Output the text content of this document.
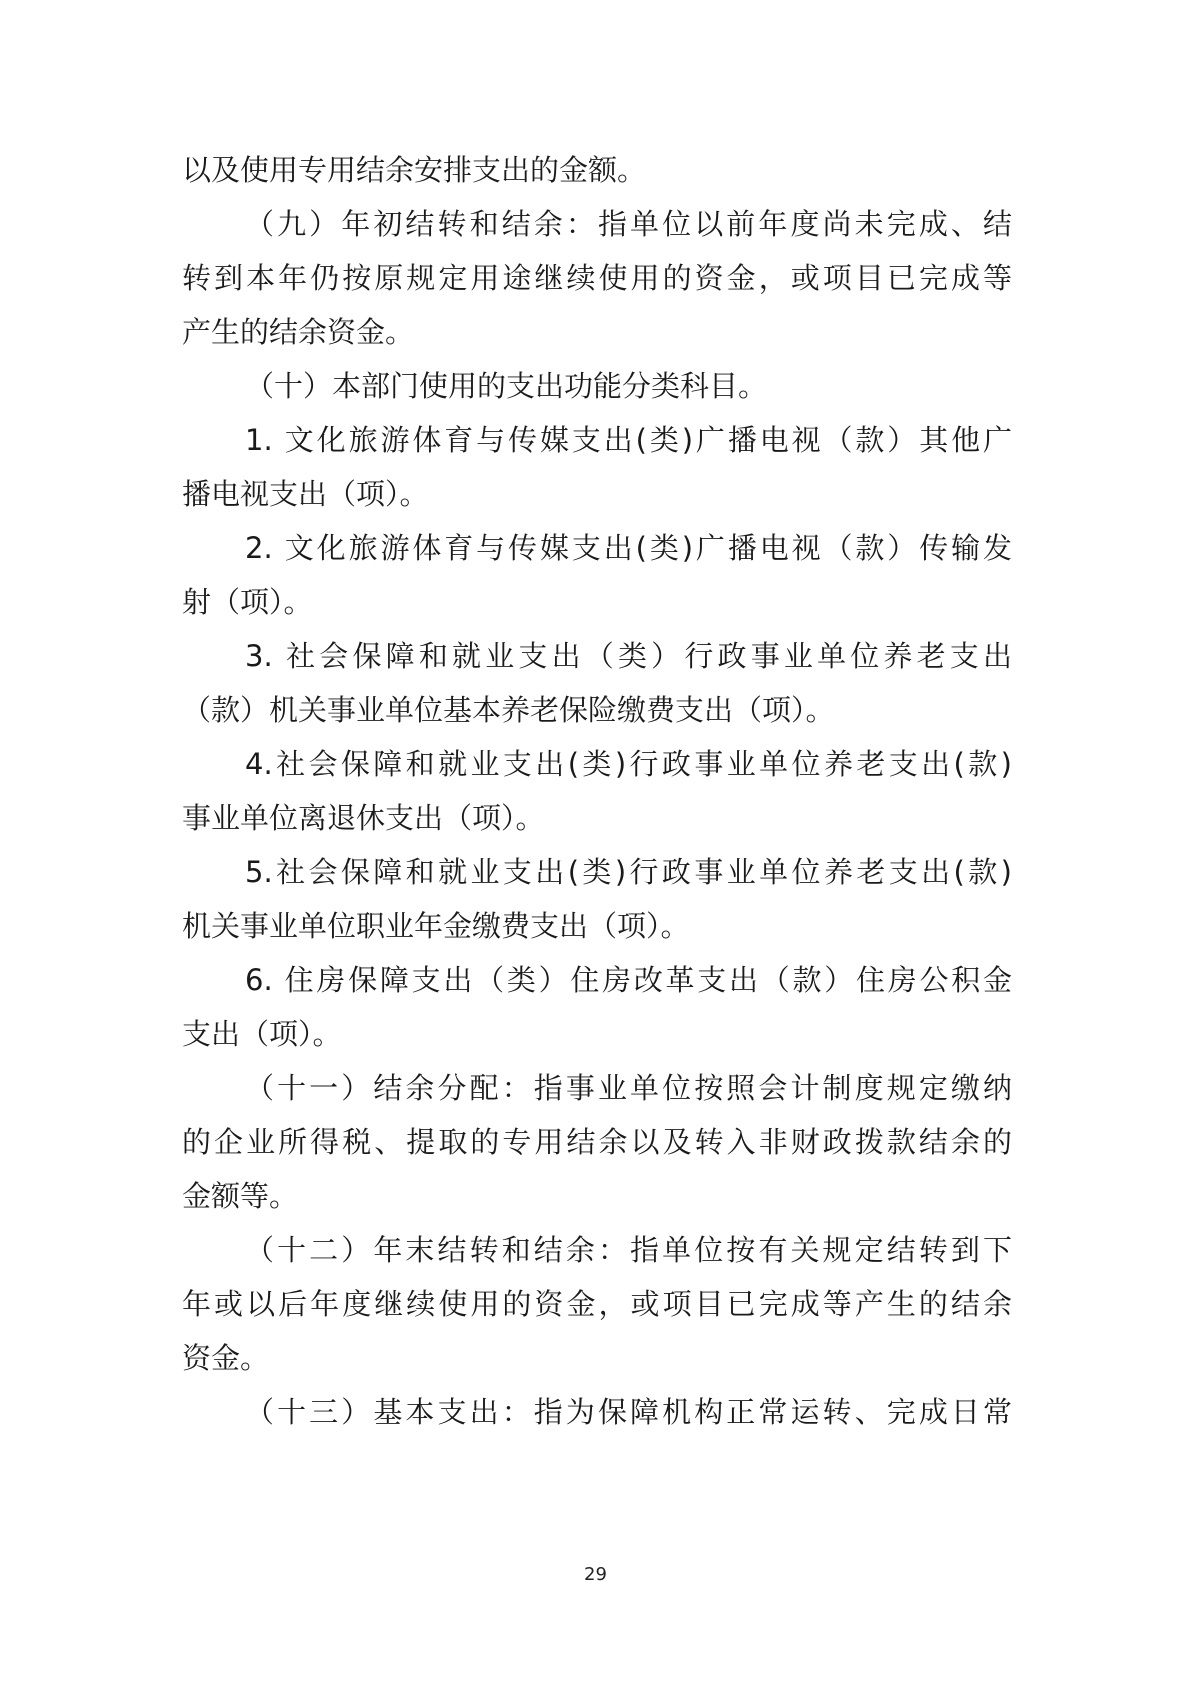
以及使用专用结余安排支出的金额。
（九）年初结转和结余：指单位以前年度尚未完成、结
转到本年仍按原规定用途继续使用的资金，或项目已完成等
产生的结余资金。
（十）本部门使用的支出功能分类科目。
1. 文化旅游体育与传媒支出(类)广播电视（款）其他广
播电视支出（项）。
2. 文化旅游体育与传媒支出(类)广播电视（款）传输发
射（项）。
3. 社会保障和就业支出（类）行政事业单位养老支出
（款）机关事业单位基本养老保险缴费支出（项）。
4.社会保障和就业支出(类)行政事业单位养老支出(款)
事业单位离退休支出（项）。
5.社会保障和就业支出(类)行政事业单位养老支出(款)
机关事业单位职业年金缴费支出（项）。
6. 住房保障支出（类）住房改革支出（款）住房公积金
支出（项）。
（十一）结余分配：指事业单位按照会计制度规定缴纳
的企业所得税、提取的专用结余以及转入非财政拨款结余的
金额等。
（十二）年末结转和结余：指单位按有关规定结转到下
年或以后年度继续使用的资金，或项目已完成等产生的结余
资金。
（十三）基本支出：指为保障机构正常运转、完成日常
29
